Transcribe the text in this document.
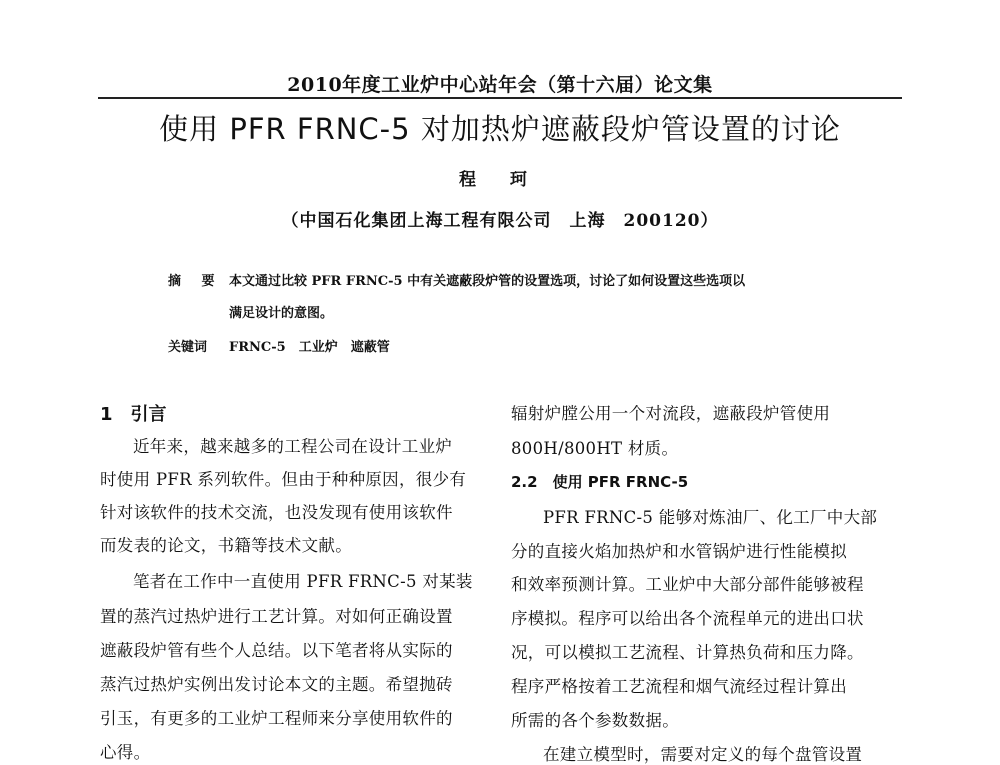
2010年度工业炉中心站年会（第十六届）论文集
使用 PFR FRNC-5 对加热炉遮蔽段炉管设置的讨论
程 珂
（中国石化集团上海工程有限公司　上海　200120）
摘 要 本文通过比较 PFR FRNC-5 中有关遮蔽段炉管的设置选项，讨论了如何设置这些选项以
满足设计的意图。
关键词 FRNC-5　工业炉　遮蔽管
1　引言
近年来，越来越多的工程公司在设计工业炉
时使用 PFR 系列软件。但由于种种原因，很少有
针对该软件的技术交流，也没发现有使用该软件
而发表的论文，书籍等技术文献。
笔者在工作中一直使用 PFR FRNC-5 对某装
置的蒸汽过热炉进行工艺计算。对如何正确设置
遮蔽段炉管有些个人总结。以下笔者将从实际的
蒸汽过热炉实例出发讨论本文的主题。希望抛砖
引玉，有更多的工业炉工程师来分享使用软件的
心得。
辐射炉膛公用一个对流段，遮蔽段炉管使用
800H/800HT 材质。
2.2　使用 PFR FRNC-5
PFR FRNC-5 能够对炼油厂、化工厂中大部
分的直接火焰加热炉和水管锅炉进行性能模拟
和效率预测计算。工业炉中大部分部件能够被程
序模拟。程序可以给出各个流程单元的进出口状
况，可以模拟工艺流程、计算热负荷和压力降。
程序严格按着工艺流程和烟气流经过程计算出
所需的各个参数数据。
在建立模型时，需要对定义的每个盘管设置
